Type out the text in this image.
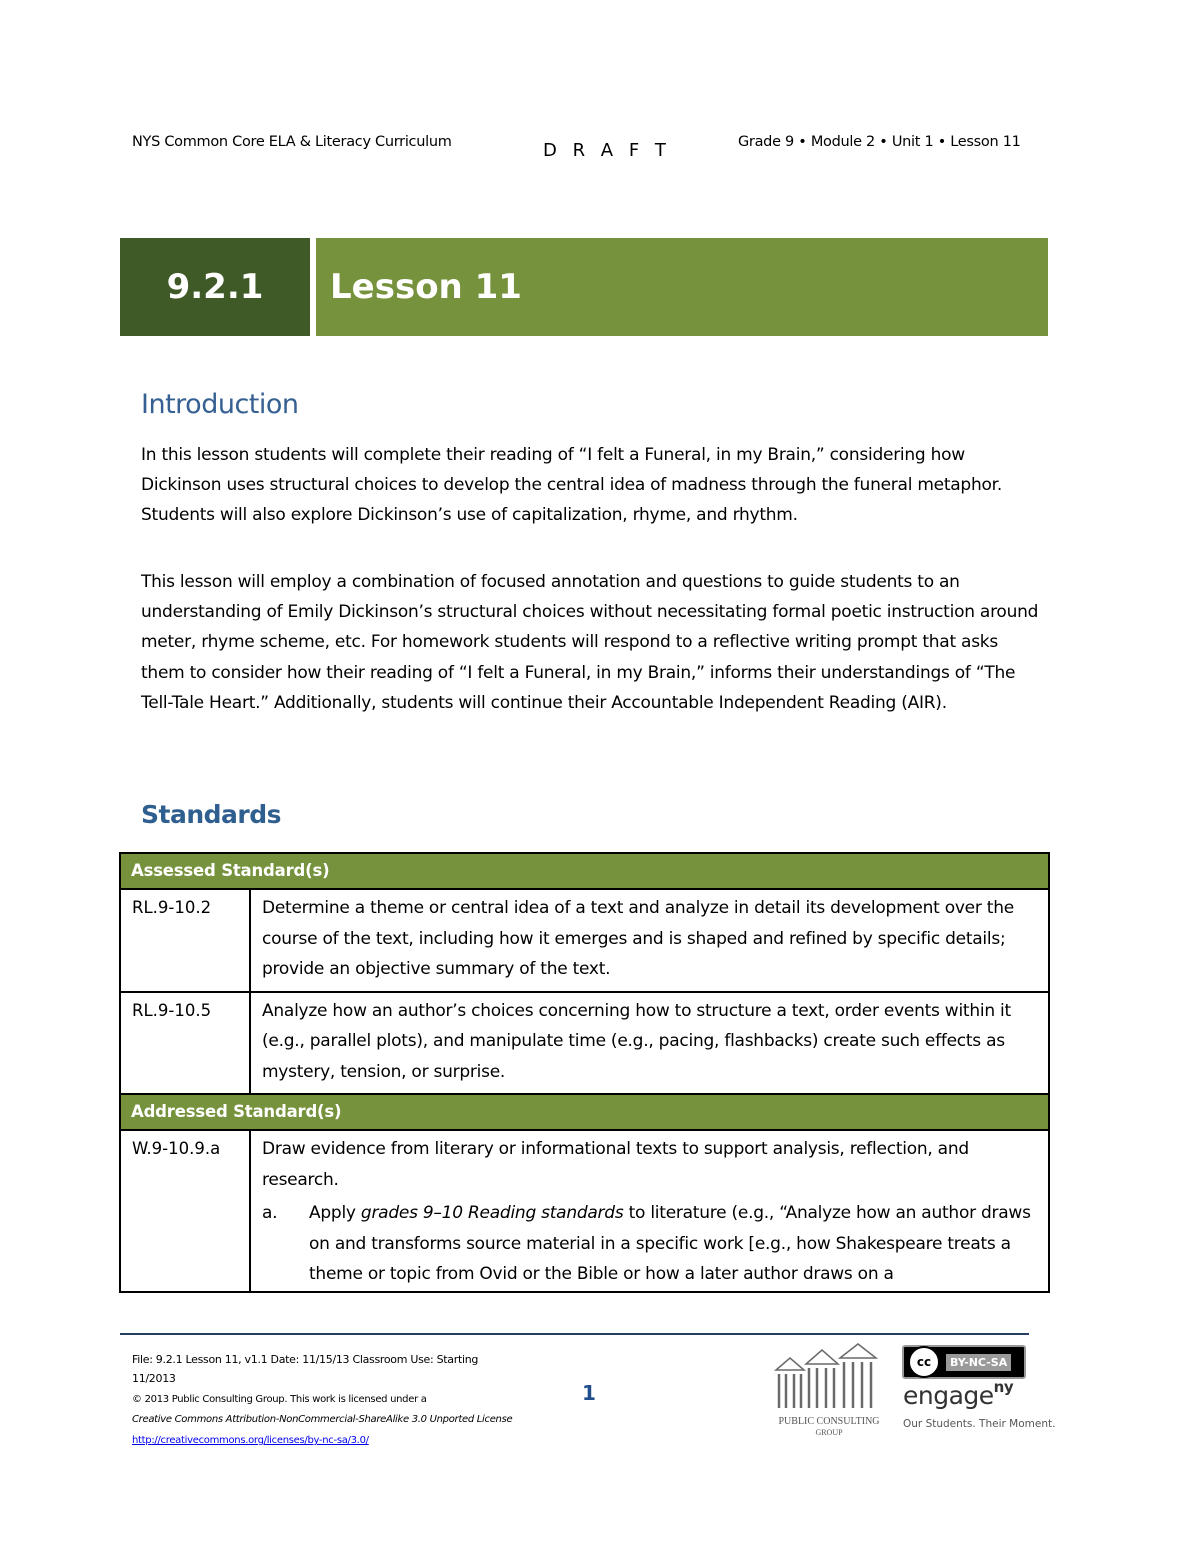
NYS Common Core ELA & Literacy Curriculum	D R A F T	Grade 9 • Module 2 • Unit 1 • Lesson 11
9.2.1	Lesson 11
Introduction
In this lesson students will complete their reading of “I felt a Funeral, in my Brain,” considering how Dickinson uses structural choices to develop the central idea of madness through the funeral metaphor. Students will also explore Dickinson’s use of capitalization, rhyme, and rhythm.
This lesson will employ a combination of focused annotation and questions to guide students to an understanding of Emily Dickinson’s structural choices without necessitating formal poetic instruction around meter, rhyme scheme, etc. For homework students will respond to a reflective writing prompt that asks them to consider how their reading of “I felt a Funeral, in my Brain,” informs their understandings of “The Tell-Tale Heart.” Additionally, students will continue their Accountable Independent Reading (AIR).
Standards
Assessed Standard(s)
RL.9-10.2	Determine a theme or central idea of a text and analyze in detail its development over the course of the text, including how it emerges and is shaped and refined by specific details; provide an objective summary of the text.
RL.9-10.5	Analyze how an author’s choices concerning how to structure a text, order events within it (e.g., parallel plots), and manipulate time (e.g., pacing, flashbacks) create such effects as mystery, tension, or surprise.
Addressed Standard(s)
W.9-10.9.a	Draw evidence from literary or informational texts to support analysis, reflection, and research.
a.	Apply grades 9–10 Reading standards to literature (e.g., “Analyze how an author draws on and transforms source material in a specific work [e.g., how Shakespeare treats a theme or topic from Ovid or the Bible or how a later author draws on a
File: 9.2.1 Lesson 11, v1.1 Date: 11/15/13 Classroom Use: Starting 11/2013
© 2013 Public Consulting Group. This work is licensed under a
Creative Commons Attribution-NonCommercial-ShareAlike 3.0 Unported License
http://creativecommons.org/licenses/by-nc-sa/3.0/
1
PUBLIC CONSULTING
GROUP
cc	BY-NC-SA
engage$^{ny}$
Our Students. Their Moment.
